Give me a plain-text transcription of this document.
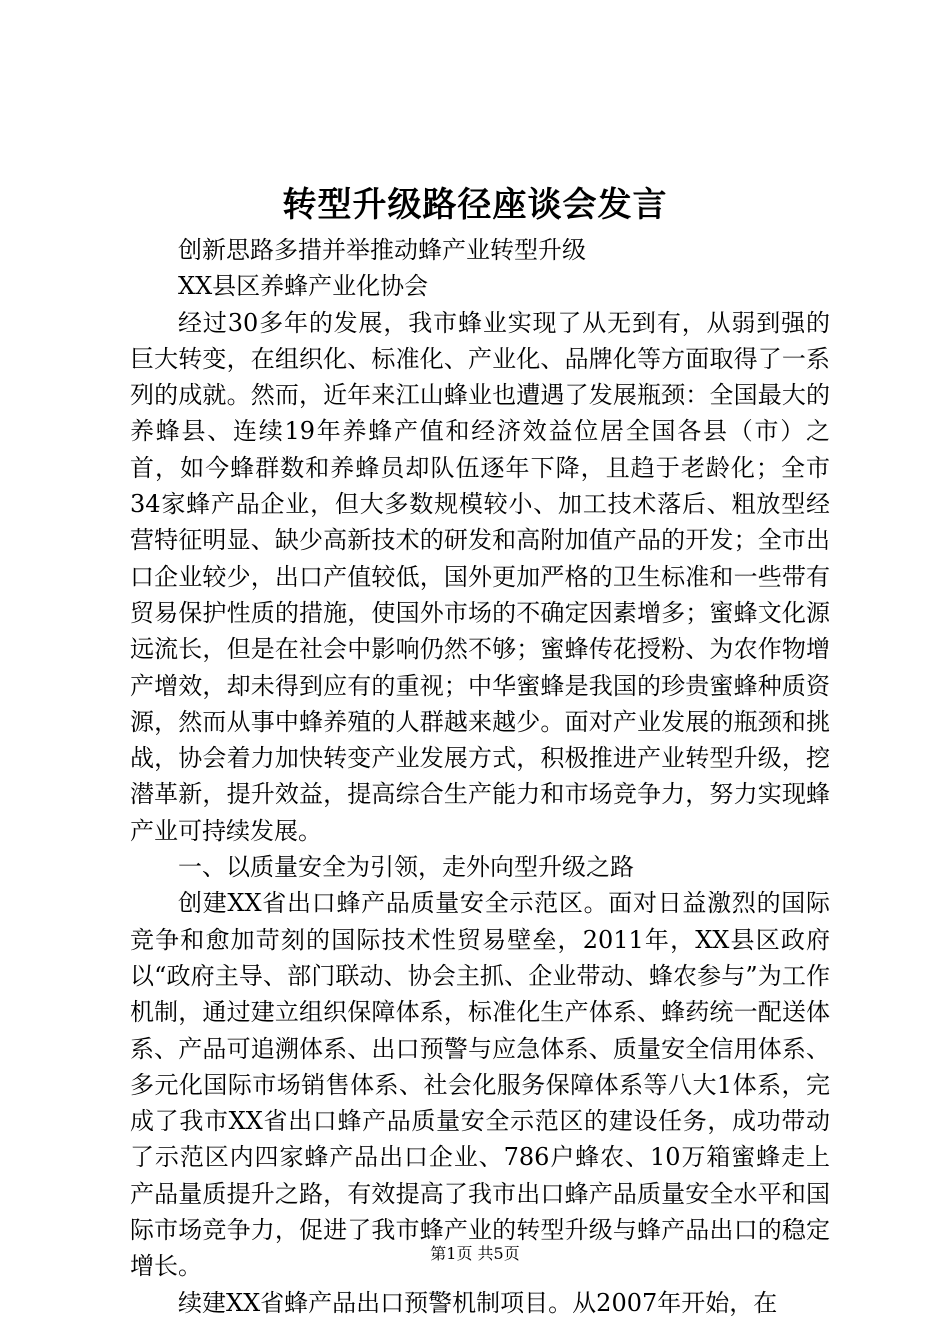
转型升级路径座谈会发言

创新思路多措并举推动蜂产业转型升级

XX县区养蜂产业化协会

经过30多年的发展，我市蜂业实现了从无到有，从弱到强的巨大转变，在组织化、标准化、产业化、品牌化等方面取得了一系列的成就。然而，近年来江山蜂业也遭遇了发展瓶颈：全国最大的养蜂县、连续19年养蜂产值和经济效益位居全国各县（市）之首，如今蜂群数和养蜂员却队伍逐年下降，且趋于老龄化；全市34家蜂产品企业，但大多数规模较小、加工技术落后、粗放型经营特征明显、缺少高新技术的研发和高附加值产品的开发；全市出口企业较少，出口产值较低，国外更加严格的卫生标准和一些带有贸易保护性质的措施，使国外市场的不确定因素增多；蜜蜂文化源远流长，但是在社会中影响仍然不够；蜜蜂传花授粉、为农作物增产增效，却未得到应有的重视；中华蜜蜂是我国的珍贵蜜蜂种质资源，然而从事中蜂养殖的人群越来越少。面对产业发展的瓶颈和挑战，协会着力加快转变产业发展方式，积极推进产业转型升级，挖潜革新，提升效益，提高综合生产能力和市场竞争力，努力实现蜂产业可持续发展。

一、以质量安全为引领，走外向型升级之路

创建XX省出口蜂产品质量安全示范区。面对日益激烈的国际竞争和愈加苛刻的国际技术性贸易壁垒，2011年，XX县区政府以“政府主导、部门联动、协会主抓、企业带动、蜂农参与”为工作机制，通过建立组织保障体系，标准化生产体系、蜂药统一配送体系、产品可追溯体系、出口预警与应急体系、质量安全信用体系、多元化国际市场销售体系、社会化服务保障体系等八大1体系，完成了我市XX省出口蜂产品质量安全示范区的建设任务，成功带动了示范区内四家蜂产品出口企业、786户蜂农、10万箱蜜蜂走上产品量质提升之路，有效提高了我市出口蜂产品质量安全水平和国际市场竞争力，促进了我市蜂产业的转型升级与蜂产品出口的稳定增长。

续建XX省蜂产品出口预警机制项目。从2007年开始，在

第1页 共5页
